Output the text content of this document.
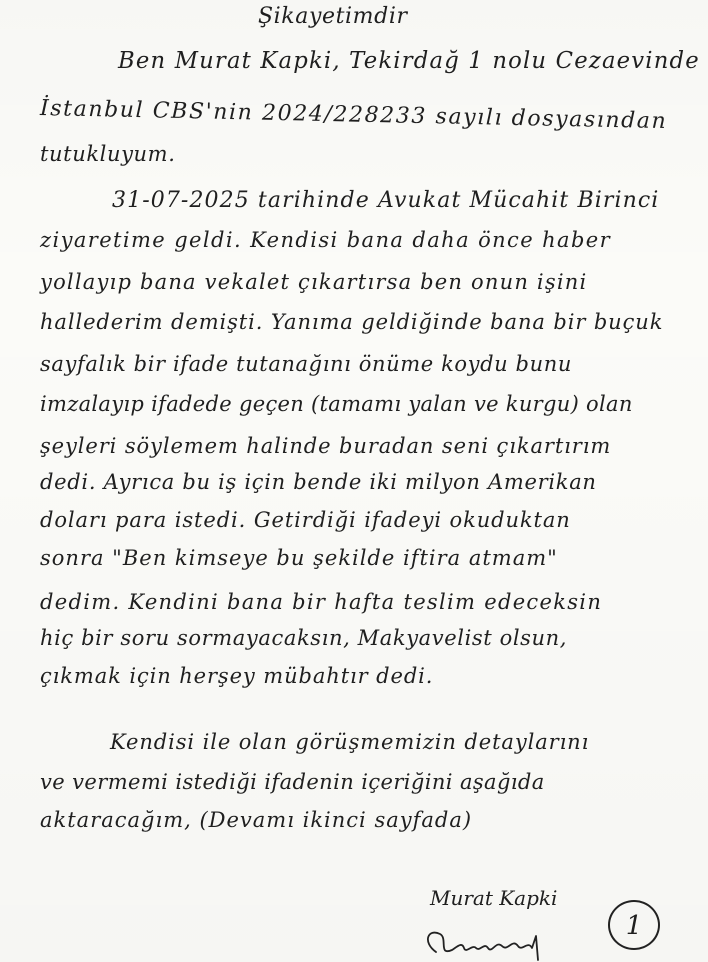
Şikayetimdir
Ben Murat Kapki, Tekirdağ 1 nolu Cezaevinde
İstanbul CBS'nin 2024/228233 sayılı dosyasından
tutukluyum.
31-07-2025 tarihinde Avukat Mücahit Birinci
ziyaretime geldi. Kendisi bana daha önce haber
yollayıp bana vekalet çıkartırsa ben onun işini
hallederim demişti. Yanıma geldiğinde bana bir buçuk
sayfalık bir ifade tutanağını önüme koydu bunu
imzalayıp ifadede geçen (tamamı yalan ve kurgu) olan
şeyleri söylemem halinde buradan seni çıkartırım
dedi. Ayrıca bu iş için bende iki milyon Amerikan
doları para istedi. Getirdiği ifadeyi okuduktan
sonra "Ben kimseye bu şekilde iftira atmam"
dedim. Kendini bana bir hafta teslim edeceksin
hiç bir soru sormayacaksın, Makyavelist olsun,
çıkmak için herşey mübahtır dedi.
Kendisi ile olan görüşmemizin detaylarını
ve vermemi istediği ifadenin içeriğini aşağıda
aktaracağım, (Devamı ikinci sayfada)
Murat Kapki
1
